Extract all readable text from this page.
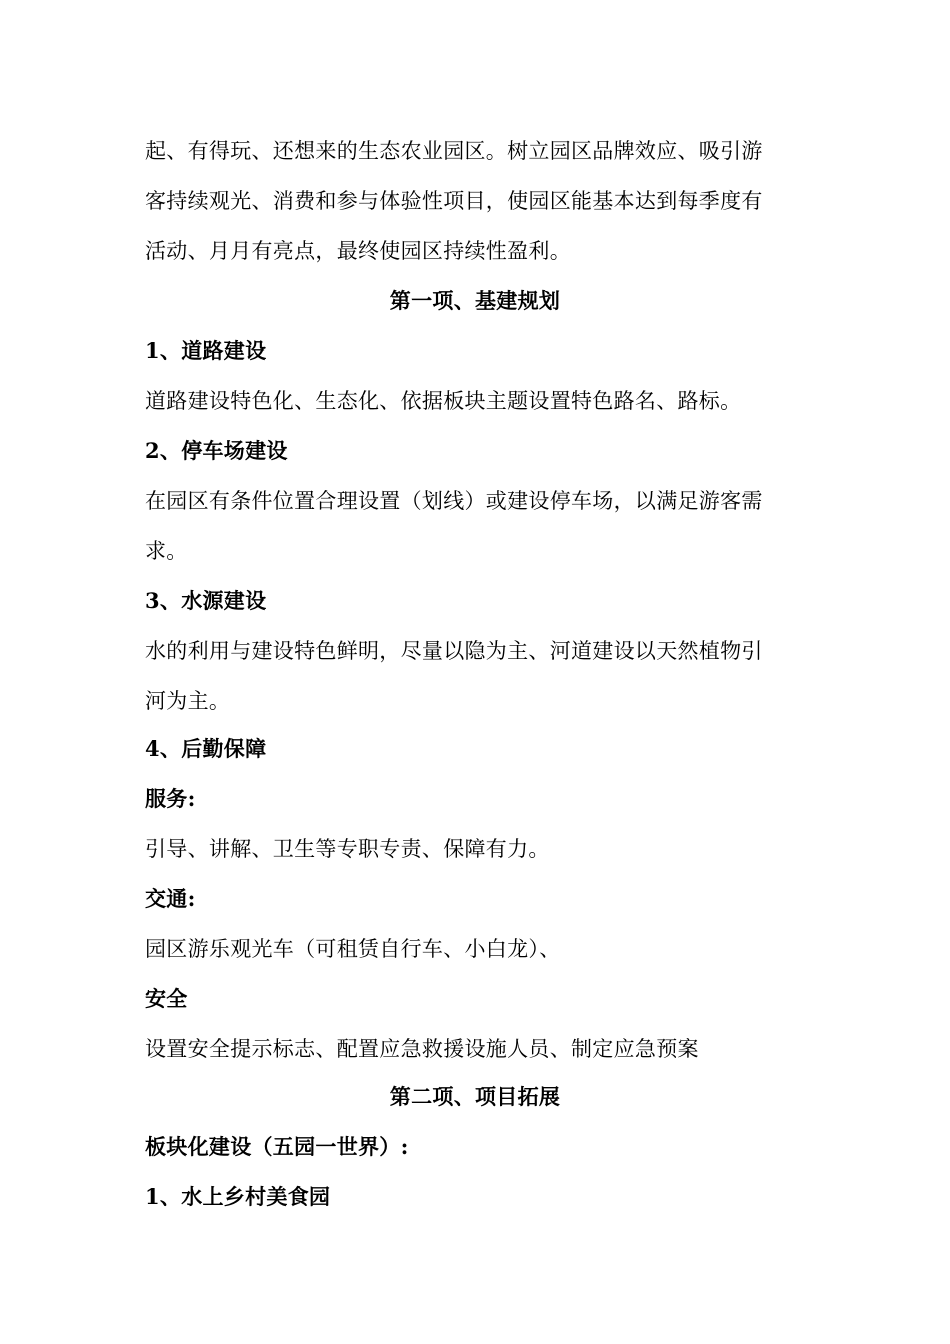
起、有得玩、还想来的生态农业园区。树立园区品牌效应、吸引游
客持续观光、消费和参与体验性项目，使园区能基本达到每季度有
活动、月月有亮点，最终使园区持续性盈利。
第一项、基建规划
1、道路建设
道路建设特色化、生态化、依据板块主题设置特色路名、路标。
2、停车场建设
在园区有条件位置合理设置（划线）或建设停车场，以满足游客需
求。
3、水源建设
水的利用与建设特色鲜明，尽量以隐为主、河道建设以天然植物引
河为主。
4、后勤保障
服务:
引导、讲解、卫生等专职专责、保障有力。
交通:
园区游乐观光车（可租赁自行车、小白龙）、
安全
设置安全提示标志、配置应急救援设施人员、制定应急预案
第二项、项目拓展
板块化建设（五园一世界）:
1、水上乡村美食园
